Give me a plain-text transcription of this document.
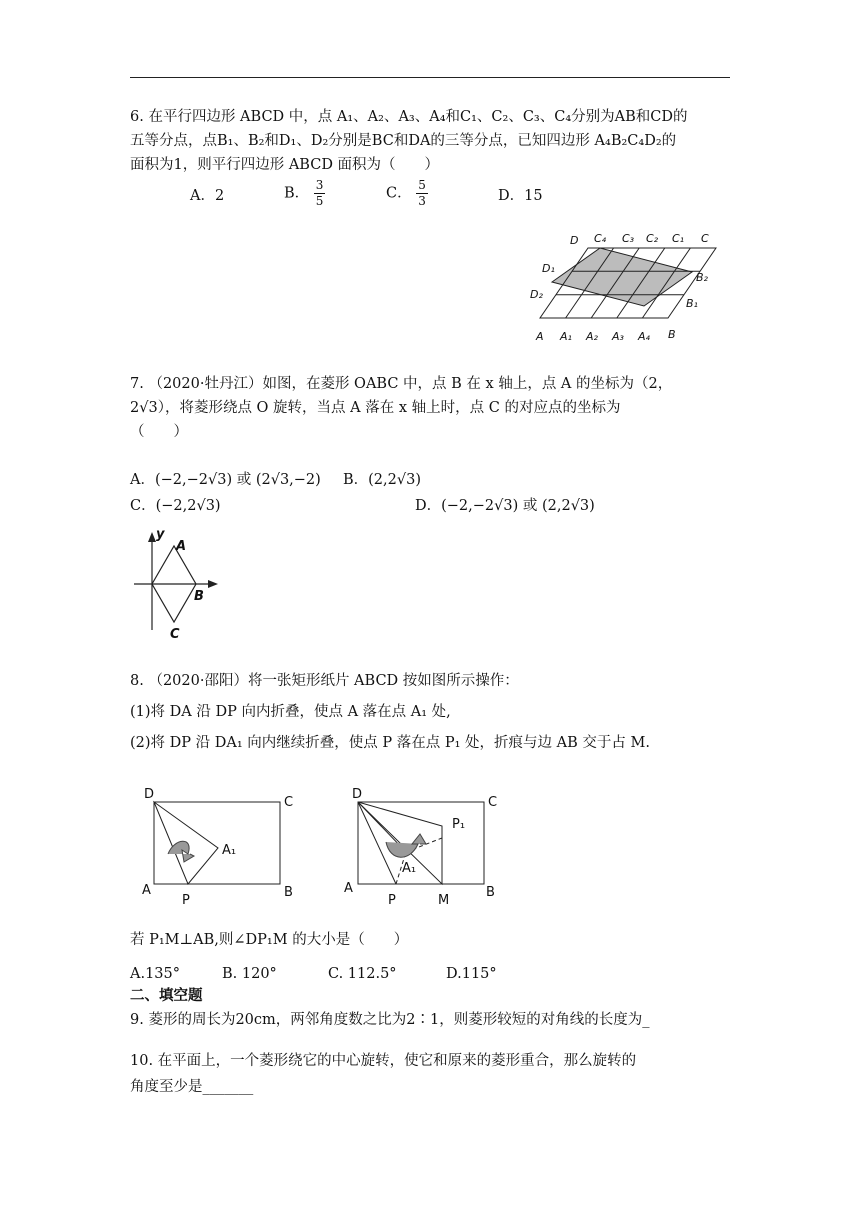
6. 在平行四边形 ABCD 中，点 A₁、A₂、A₃、A₄和C₁、C₂、C₃、C₄分别为AB和CD的
五等分点，点B₁、B₂和D₁、D₂分别是BC和DA的三等分点，已知四边形 A₄B₂C₄D₂的
面积为1，则平行四边形 ABCD 面积为（　　）
A．2	B． $\frac{3}{5}$	C． $\frac{5}{3}$	D．15
D C₄ C₃ C₂ C₁ C
D₁
D₂
B₂
B₁
A A₁ A₂ A₃ A₄ B
7. （2020·牡丹江）如图，在菱形 OABC 中，点 B 在 x 轴上，点 A 的坐标为（2，
2√3），将菱形绕点 O 旋转，当点 A 落在 x 轴上时，点 C 的对应点的坐标为
（　　）
A．(−2,−2√3) 或 (2√3,−2) B．(2,2√3)
C．(−2,2√3)	D．(−2,−2√3) 或 (2,2√3)
y
A
B
C
8. （2020·邵阳）将一张矩形纸片 ABCD 按如图所示操作：
(1)将 DA 沿 DP 向内折叠，使点 A 落在点 A₁ 处,
(2)将 DP 沿 DA₁ 向内继续折叠，使点 P 落在点 P₁ 处，折痕与边 AB 交于占 M.
D
C
A₁
A
P
B
D
C
P₁
A₁
A
P	M
B
若 P₁M⊥AB,则∠DP₁M 的大小是（　　）
A.135°	B. 120°	C. 112.5°	D.115°
二、填空题
9. 菱形的周长为20cm，两邻角度数之比为2∶1，则菱形较短的对角线的长度为_
10. 在平面上，一个菱形绕它的中心旋转，使它和原来的菱形重合，那么旋转的
角度至少是_______
